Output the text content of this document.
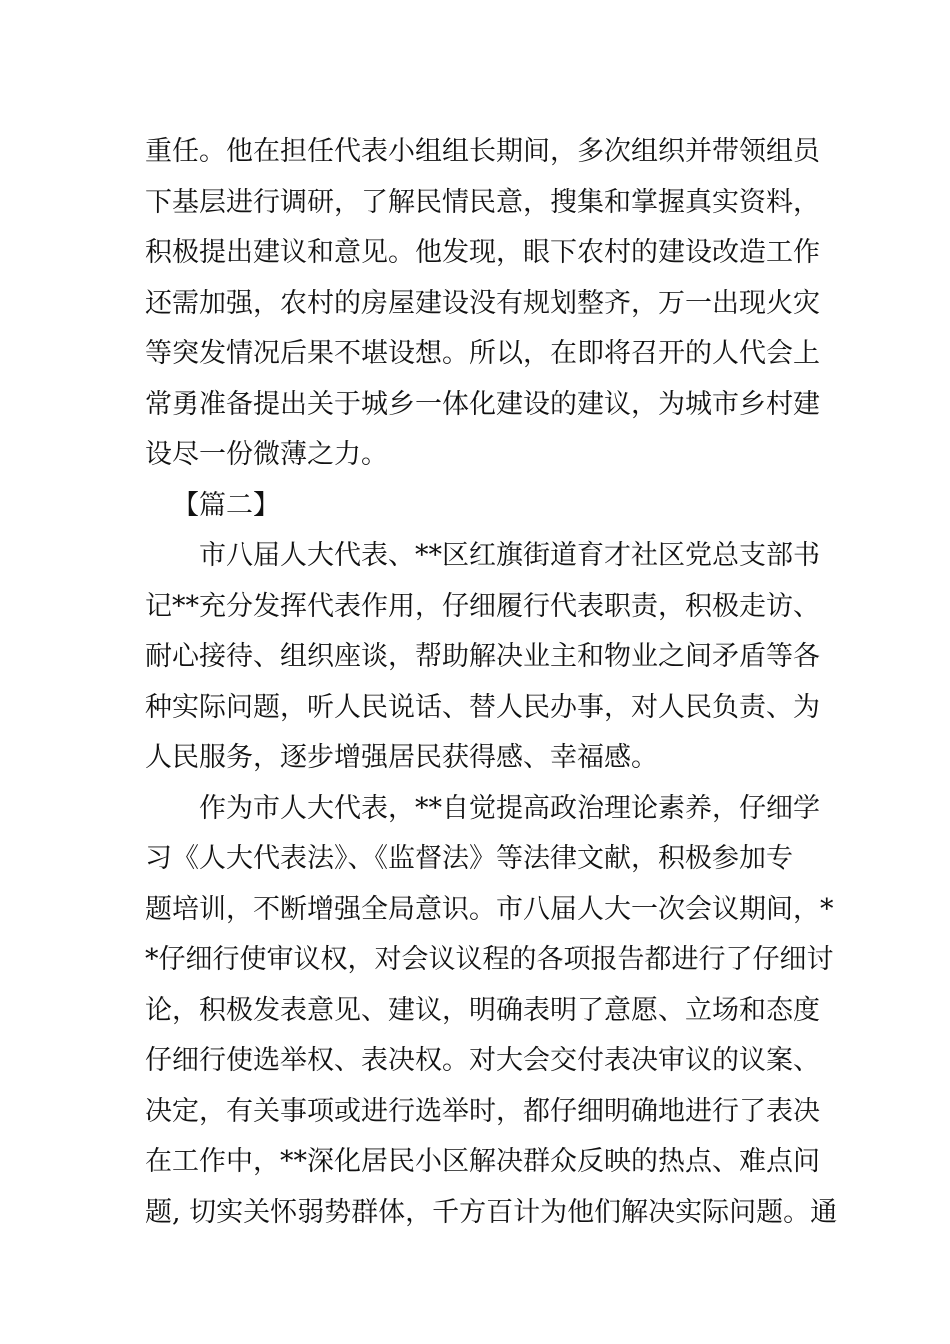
重任。他在担任代表小组组长期间，多次组织并带领组员
下基层进行调研，了解民情民意，搜集和掌握真实资料，
积极提出建议和意见。他发现，眼下农村的建设改造工作
还需加强，农村的房屋建设没有规划整齐，万一出现火灾
等突发情况后果不堪设想。所以，在即将召开的人代会上
常勇准备提出关于城乡一体化建设的建议，为城市乡村建
设尽一份微薄之力。
【篇二】
市八届人大代表、**区红旗街道育才社区党总支部书
记**充分发挥代表作用，仔细履行代表职责，积极走访、
耐心接待、组织座谈，帮助解决业主和物业之间矛盾等各
种实际问题，听人民说话、替人民办事，对人民负责、为
人民服务，逐步增强居民获得感、幸福感。
作为市人大代表，**自觉提高政治理论素养，仔细学
习《人大代表法》、《监督法》等法律文献，积极参加专
题培训，不断增强全局意识。市八届人大一次会议期间，*
*仔细行使审议权，对会议议程的各项报告都进行了仔细讨
论，积极发表意见、建议，明确表明了意愿、立场和态度
仔细行使选举权、表决权。对大会交付表决审议的议案、
决定，有关事项或进行选举时，都仔细明确地进行了表决
在工作中，**深化居民小区解决群众反映的热点、难点问
题, 切实关怀弱势群体，千方百计为他们解决实际问题。通
